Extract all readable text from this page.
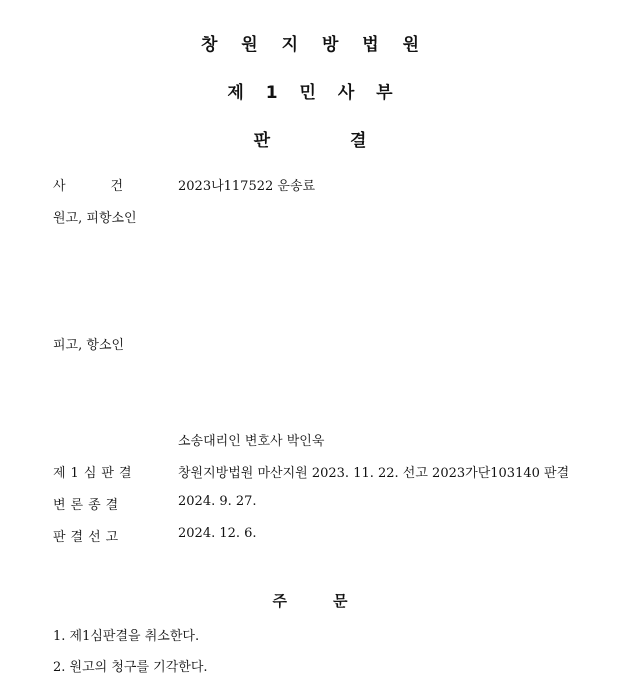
창 원 지 방 법 원
제 1 민 사 부
판	결
사	건	2023나117522 운송료
원고, 피항소인
피고, 항소인
소송대리인 변호사 박인욱
제1심판결	창원지방법원 마산지원 2023. 11. 22. 선고 2023가단103140 판결
변론종결	2024. 9. 27.
판결선고	2024. 12. 6.
주	문
1. 제1심판결을 취소한다.
2. 원고의 청구를 기각한다.
